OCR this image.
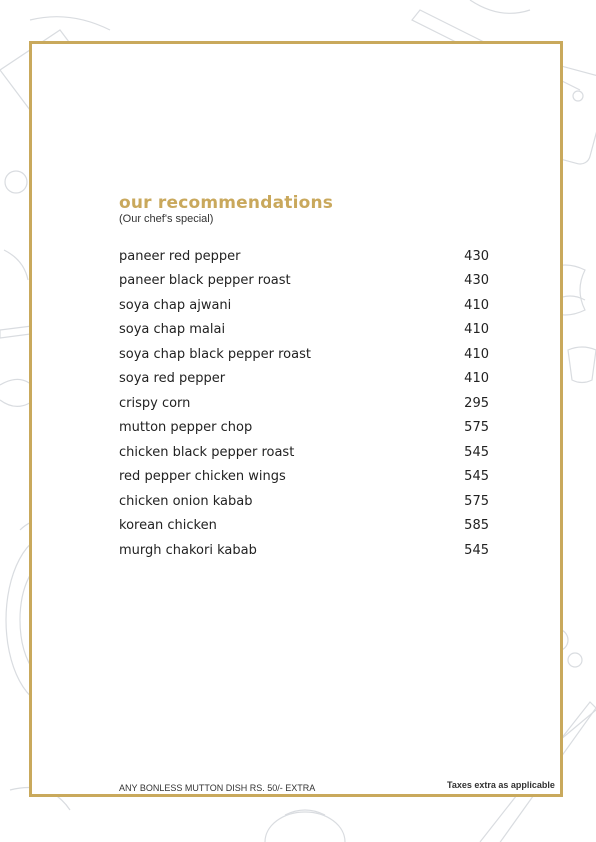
our recommendations
(Our chef's special)
paneer red pepper	430
paneer black pepper roast	430
soya chap ajwani	410
soya chap malai	410
soya chap black pepper roast	410
soya red pepper	410
crispy corn	295
mutton pepper chop	575
chicken black pepper roast	545
red pepper chicken wings	545
chicken onion kabab	575
korean chicken	585
murgh chakori kabab	545
ANY BONLESS MUTTON DISH RS. 50/- EXTRA	Taxes extra as applicable
